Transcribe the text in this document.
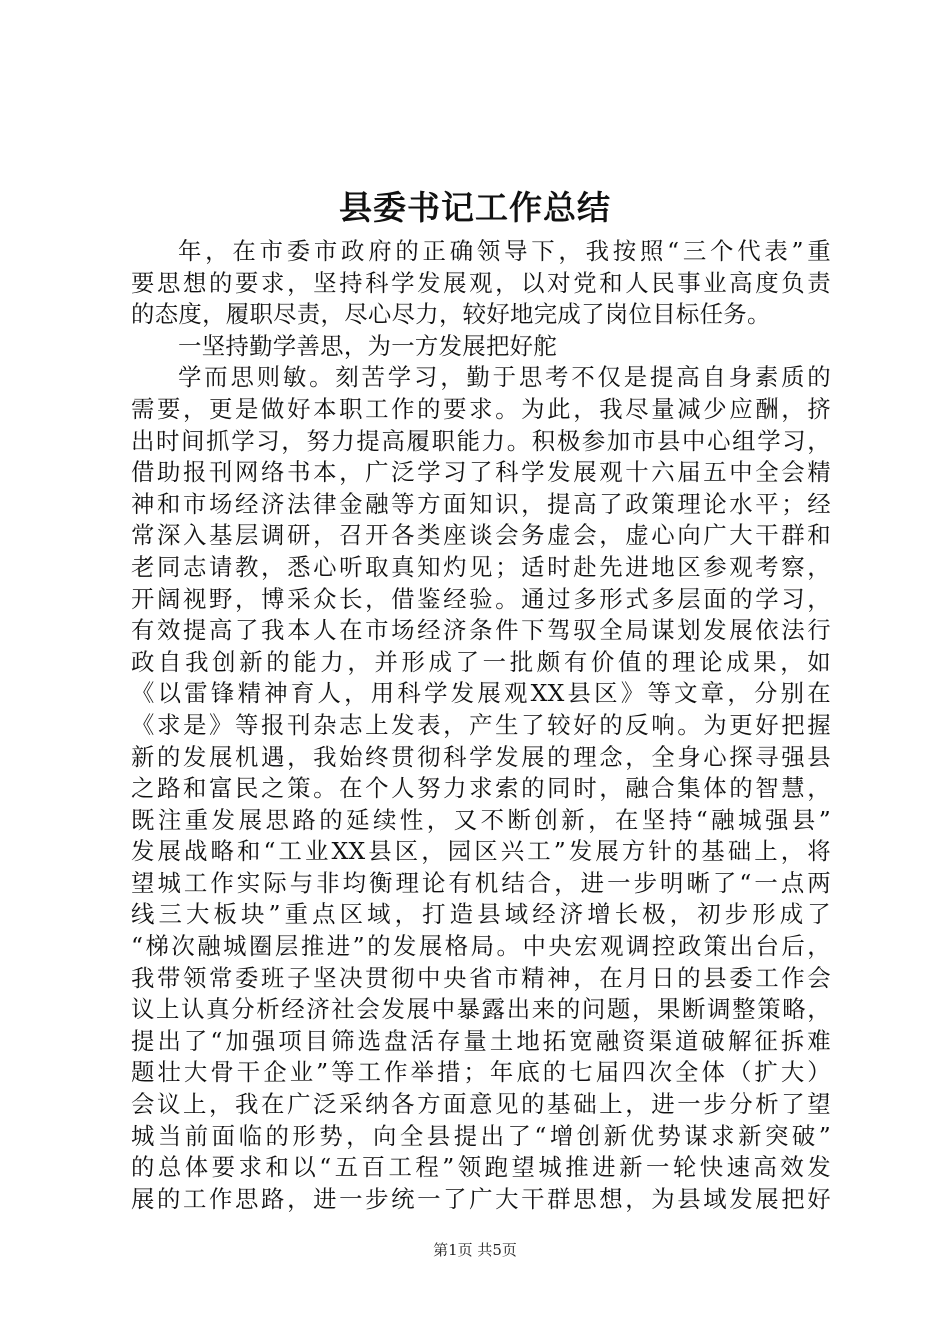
县委书记工作总结
年，在市委市政府的正确领导下，我按照“三个代表”重
要思想的要求，坚持科学发展观，以对党和人民事业高度负责
的态度，履职尽责，尽心尽力，较好地完成了岗位目标任务。
一坚持勤学善思，为一方发展把好舵
学而思则敏。刻苦学习，勤于思考不仅是提高自身素质的
需要，更是做好本职工作的要求。为此，我尽量减少应酬，挤
出时间抓学习，努力提高履职能力。积极参加市县中心组学习，
借助报刊网络书本，广泛学习了科学发展观十六届五中全会精
神和市场经济法律金融等方面知识，提高了政策理论水平；经
常深入基层调研，召开各类座谈会务虚会，虚心向广大干群和
老同志请教，悉心听取真知灼见；适时赴先进地区参观考察，
开阔视野，博采众长，借鉴经验。通过多形式多层面的学习，
有效提高了我本人在市场经济条件下驾驭全局谋划发展依法行
政自我创新的能力，并形成了一批颇有价值的理论成果，如
《以雷锋精神育人，用科学发展观XX县区》等文章，分别在
《求是》等报刊杂志上发表，产生了较好的反响。为更好把握
新的发展机遇，我始终贯彻科学发展的理念，全身心探寻强县
之路和富民之策。在个人努力求索的同时，融合集体的智慧，
既注重发展思路的延续性，又不断创新，在坚持“融城强县”
发展战略和“工业XX县区，园区兴工”发展方针的基础上，将
望城工作实际与非均衡理论有机结合，进一步明晰了“一点两
线三大板块”重点区域，打造县域经济增长极，初步形成了
“梯次融城圈层推进”的发展格局。中央宏观调控政策出台后，
我带领常委班子坚决贯彻中央省市精神，在月日的县委工作会
议上认真分析经济社会发展中暴露出来的问题，果断调整策略，
提出了“加强项目筛选盘活存量土地拓宽融资渠道破解征拆难
题壮大骨干企业”等工作举措；年底的七届四次全体（扩大）
会议上，我在广泛采纳各方面意见的基础上，进一步分析了望
城当前面临的形势，向全县提出了“增创新优势谋求新突破”
的总体要求和以“五百工程”领跑望城推进新一轮快速高效发
展的工作思路，进一步统一了广大干群思想，为县域发展把好
第1页 共5页
